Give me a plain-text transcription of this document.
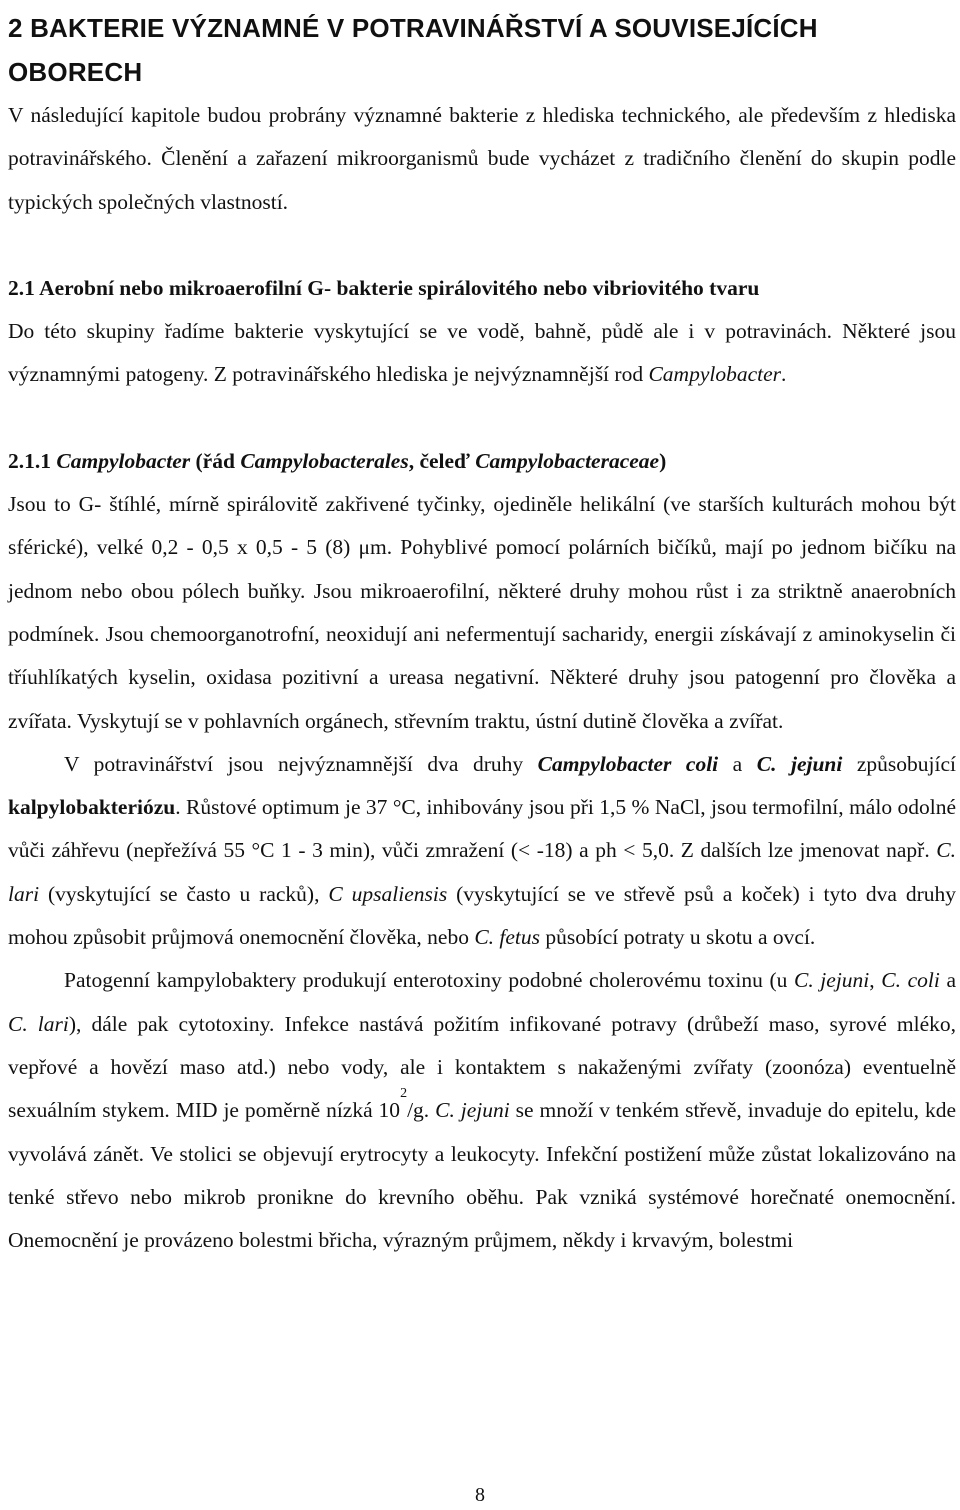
2 BAKTERIE VÝZNAMNÉ V POTRAVINÁŘSTVÍ A SOUVISEJÍCÍCH OBORECH

V následující kapitole budou probrány významné bakterie z hlediska technického, ale především z hlediska potravinářského. Členění a zařazení mikroorganismů bude vycházet z tradičního členění do skupin podle typických společných vlastností.

2.1 Aerobní nebo mikroaerofilní G- bakterie spirálovitého nebo vibriovitého tvaru

Do této skupiny řadíme bakterie vyskytující se ve vodě, bahně, půdě ale i v potravinách. Některé jsou významnými patogeny. Z potravinářského hlediska je nejvýznamnější rod Campylobacter.

2.1.1 Campylobacter (řád Campylobacterales, čeleď Campylobacteraceae)

Jsou to G- štíhlé, mírně spirálovitě zakřivené tyčinky, ojediněle helikální (ve starších kulturách mohou být sférické), velké 0,2 - 0,5 x 0,5 - 5 (8) μm. Pohyblivé pomocí polárních bičíků, mají po jednom bičíku na jednom nebo obou pólech buňky. Jsou mikroaerofilní, některé druhy mohou růst i za striktně anaerobních podmínek. Jsou chemoorganotrofní, neoxidují ani nefermentují sacharidy, energii získávají z aminokyselin či tříuhlíkatých kyselin, oxidasa pozitivní a ureasa negativní. Některé druhy jsou patogenní pro člověka a zvířata. Vyskytují se v pohlavních orgánech, střevním traktu, ústní dutině člověka a zvířat.

V potravinářství jsou nejvýznamnější dva druhy Campylobacter coli a C. jejuni způsobující kalpylobakteriózu. Růstové optimum je 37 °C, inhibovány jsou při 1,5 % NaCl, jsou termofilní, málo odolné vůči záhřevu (nepřežívá 55 °C 1 - 3 min), vůči zmražení (< -18) a ph < 5,0. Z dalších lze jmenovat např. C. lari (vyskytující se často u racků), C upsaliensis (vyskytující se ve střevě psů a koček) i tyto dva druhy mohou způsobit průjmová onemocnění člověka, nebo C. fetus působící potraty u skotu a ovcí.

Patogenní kampylobaktery produkují enterotoxiny podobné cholerovému toxinu (u C. jejuni, C. coli a C. lari), dále pak cytotoxiny. Infekce nastává požitím infikované potravy (drůbeží maso, syrové mléko, vepřové a hovězí maso atd.) nebo vody, ale i kontaktem s nakaženými zvířaty (zoonóza) eventuelně sexuálním stykem. MID je poměrně nízká $10^2/g$. C. jejuni se množí v tenkém střevě, invaduje do epitelu, kde vyvolává zánět. Ve stolici se objevují erytrocyty a leukocyty. Infekční postižení může zůstat lokalizováno na tenké střevo nebo mikrob pronikne do krevního oběhu. Pak vzniká systémové horečnaté onemocnění. Onemocnění je provázeno bolestmi břicha, výrazným průjmem, někdy i krvavým, bolestmi

8
